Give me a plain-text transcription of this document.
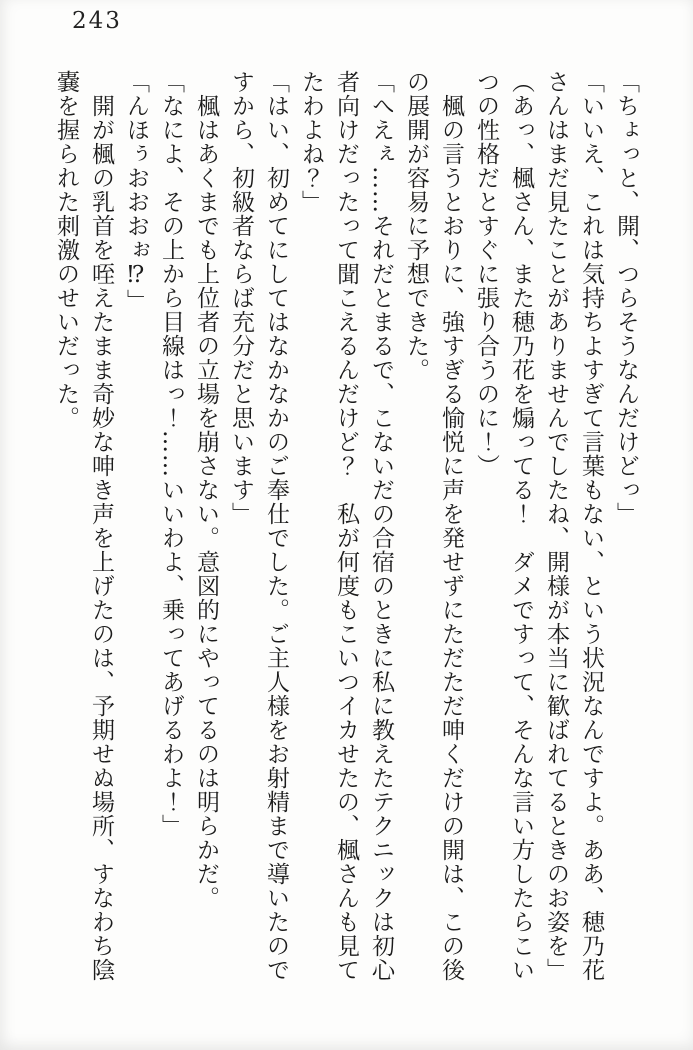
243

「ちょっと、開、つらそうなんだけどっ」

「いいえ、これは気持ちよすぎて言葉もない、という状況なんですよ。ああ、穂乃花

さんはまだ見たことがありませんでしたね、開様が本当に歓ばれてるときのお姿を」

（あっ、楓さん、また穂乃花を煽ってる！　ダメですって、そんな言い方したらこい

つの性格だとすぐに張り合うのに！）

　楓の言うとおりに、強すぎる愉悦に声を発せずにただただ呻くだけの開は、この後

の展開が容易に予想できた。

「へえぇ……それだとまるで、こないだの合宿のときに私に教えたテクニックは初心

者向けだったって聞こえるんだけど？　私が何度もこいつイカせたの、楓さんも見て

たわよね？」

「はい、初めてにしてはなかなかのご奉仕でした。ご主人様をお射精まで導いたので

すから、初級者ならば充分だと思います」

　楓はあくまでも上位者の立場を崩さない。意図的にやってるのは明らかだ。

「なによ、その上から目線はっ！……いいわよ、乗ってあげるわよ！」

「んほぅおおおぉ⁉」

　開が楓の乳首を咥えたまま奇妙な呻き声を上げたのは、予期せぬ場所、すなわち陰

嚢を握られた刺激のせいだった。
